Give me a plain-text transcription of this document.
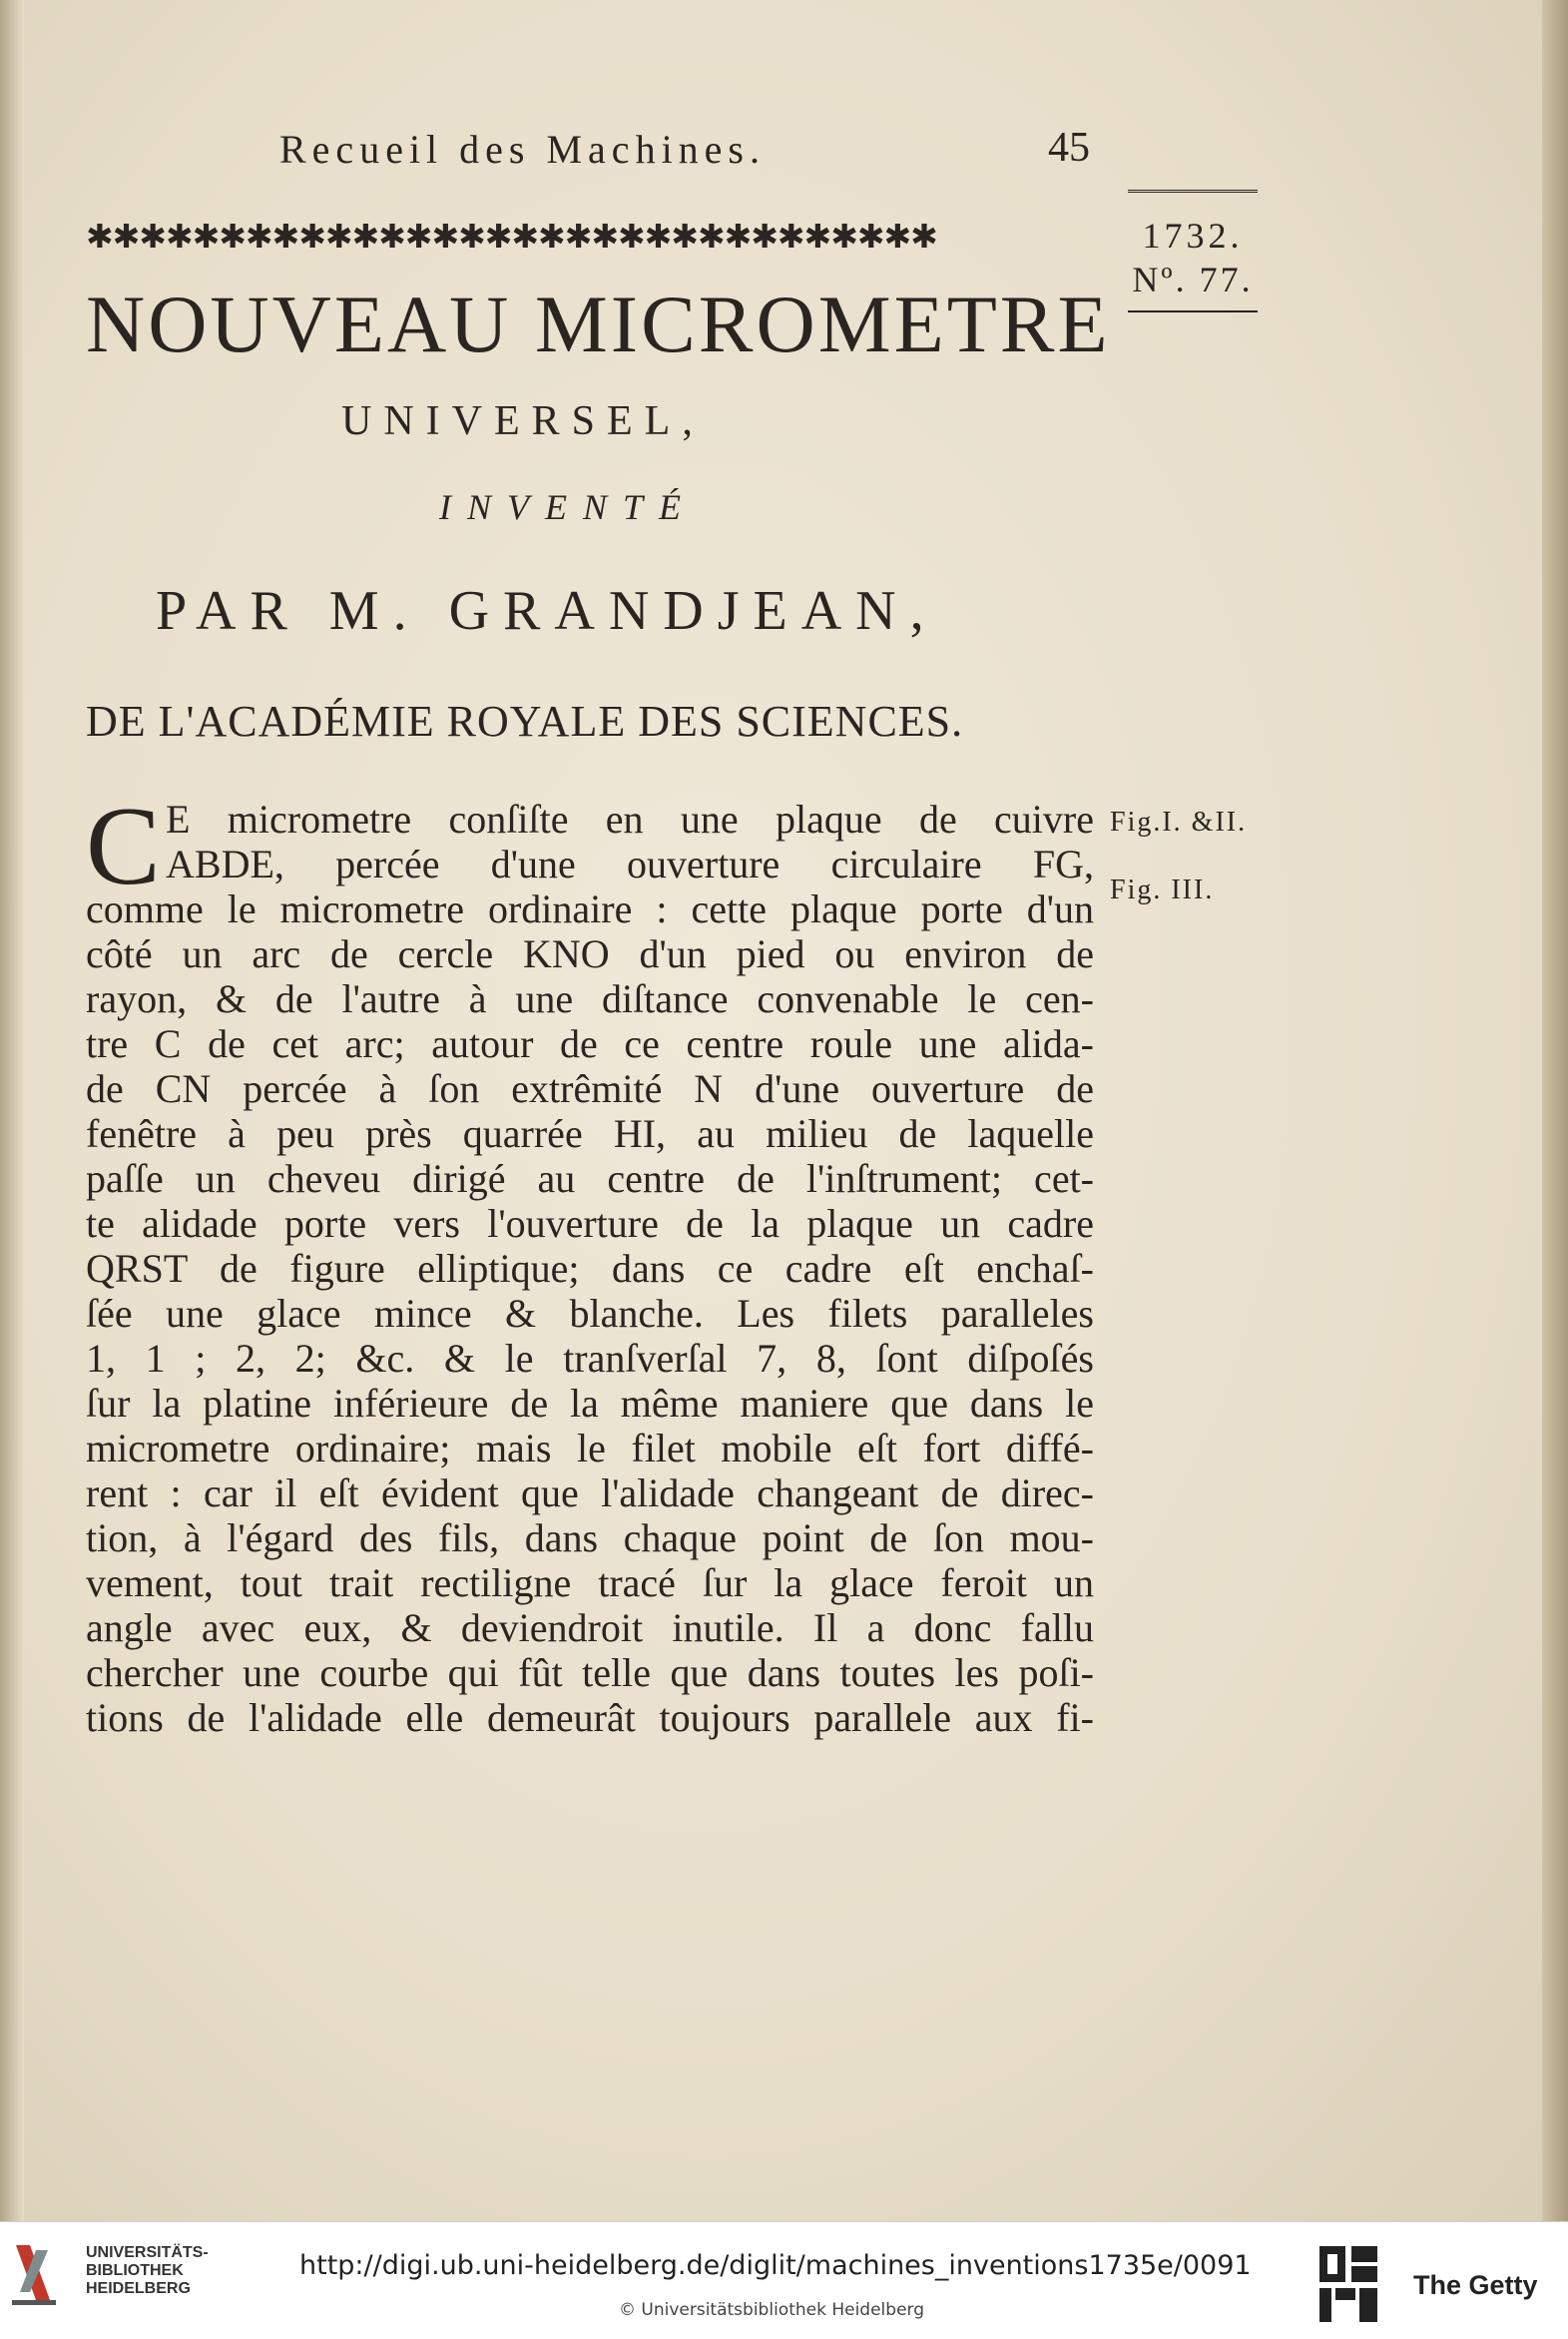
Recueil des Machines.	45
✱✱✱✱✱✱✱✱✱✱✱✱✱✱✱✱✱✱✱✱✱✱✱✱✱✱✱✱✱✱✱✱	1732.
Nº. 77.
NOUVEAU MICROMETRE
UNIVERSEL,
INVENTÉ
PAR M. GRANDJEAN,
DE L'ACADÉMIE ROYALE DES SCIENCES.
C E micrometre conſiſte en une plaque de cuivre
ABDE, percée d'une ouverture circulaire FG,
comme le micrometre ordinaire : cette plaque porte d'un
côté un arc de cercle KNO d'un pied ou environ de
rayon, & de l'autre à une diſtance convenable le cen-
tre C de cet arc; autour de ce centre roule une alida-
de CN percée à ſon extrêmité N d'une ouverture de
fenêtre à peu près quarrée HI, au milieu de laquelle
paſſe un cheveu dirigé au centre de l'inſtrument; cet-
te alidade porte vers l'ouverture de la plaque un cadre
QRST de figure elliptique; dans ce cadre eſt enchaſ-
ſée une glace mince & blanche. Les filets paralleles
1, 1 ; 2, 2; &c. & le tranſverſal 7, 8, ſont diſpoſés
ſur la platine inférieure de la même maniere que dans le
micrometre ordinaire; mais le filet mobile eſt fort diffé-
rent : car il eſt évident que l'alidade changeant de direc-
tion, à l'égard des fils, dans chaque point de ſon mou-
vement, tout trait rectiligne tracé ſur la glace feroit un
angle avec eux, & deviendroit inutile. Il a donc fallu
chercher une courbe qui fût telle que dans toutes les poſi-
tions de l'alidade elle demeurât toujours parallele aux fi-
Fig.I. &II.
Fig. III.
UNIVERSITÄTS-
BIBLIOTHEK
HEIDELBERG
http://digi.ub.uni-heidelberg.de/diglit/machines_inventions1735e/0091
© Universitätsbibliothek Heidelberg
The Getty
